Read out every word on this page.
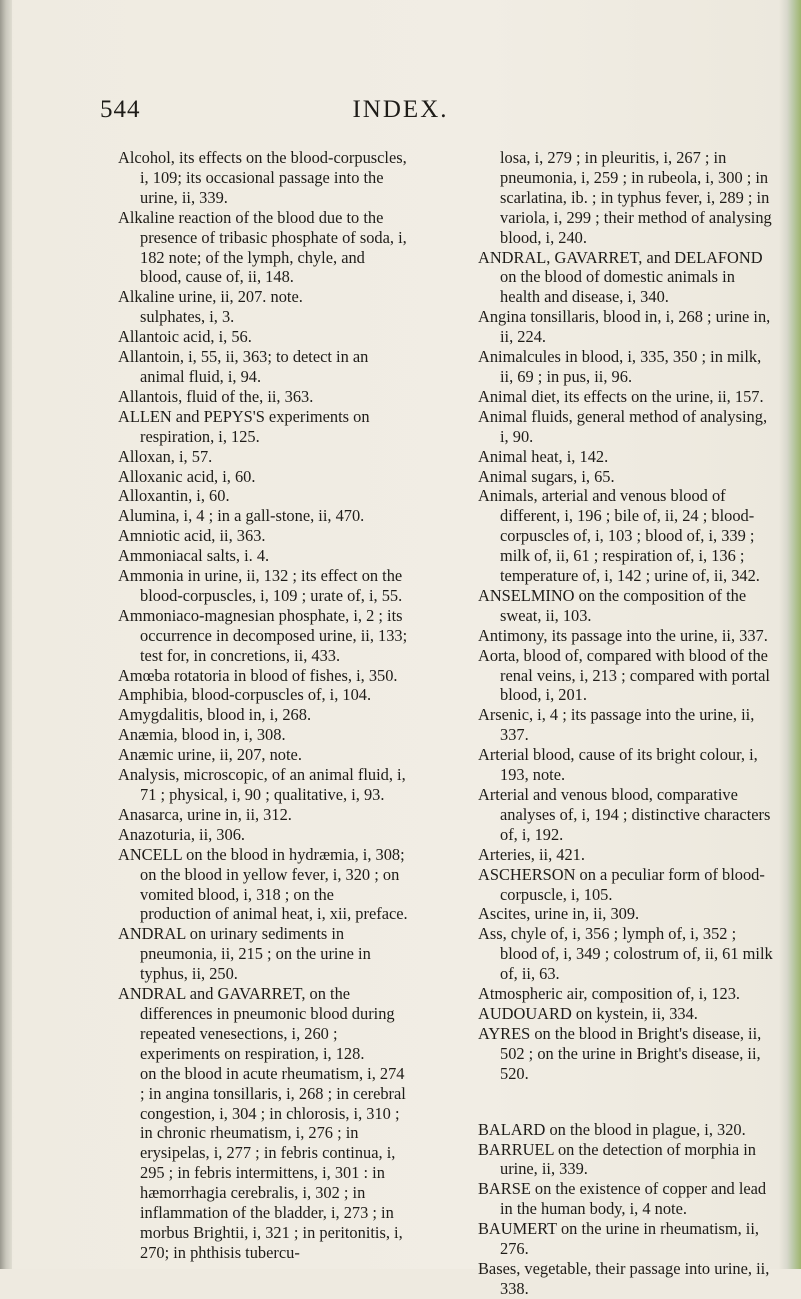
544	INDEX.

Alcohol, its effects on the blood-corpuscles, i, 109; its occasional passage into the urine, ii, 339.

Alkaline reaction of the blood due to the presence of tribasic phosphate of soda, i, 182 note; of the lymph, chyle, and blood, cause of, ii, 148.

Alkaline urine, ii, 207. note.

sulphates, i, 3.

Allantoic acid, i, 56.

Allantoin, i, 55, ii, 363; to detect in an animal fluid, i, 94.

Allantois, fluid of the, ii, 363.

ALLEN and PEPYS'S experiments on respiration, i, 125.

Alloxan, i, 57.

Alloxanic acid, i, 60.

Alloxantin, i, 60.

Alumina, i, 4 ; in a gall-stone, ii, 470.

Amniotic acid, ii, 363.

Ammoniacal salts, i. 4.

Ammonia in urine, ii, 132 ; its effect on the blood-corpuscles, i, 109 ; urate of, i, 55.

Ammoniaco-magnesian phosphate, i, 2 ; its occurrence in decomposed urine, ii, 133; test for, in concretions, ii, 433.

Amœba rotatoria in blood of fishes, i, 350.

Amphibia, blood-corpuscles of, i, 104.

Amygdalitis, blood in, i, 268.

Anæmia, blood in, i, 308.

Anæmic urine, ii, 207, note.

Analysis, microscopic, of an animal fluid, i, 71 ; physical, i, 90 ; qualitative, i, 93.

Anasarca, urine in, ii, 312.

Anazoturia, ii, 306.

ANCELL on the blood in hydræmia, i, 308; on the blood in yellow fever, i, 320 ; on vomited blood, i, 318 ; on the production of animal heat, i, xii, preface.

ANDRAL on urinary sediments in pneumonia, ii, 215 ; on the urine in typhus, ii, 250.

ANDRAL and GAVARRET, on the differences in pneumonic blood during repeated venesections, i, 260 ; experiments on respiration, i, 128.

on the blood in acute rheumatism, i, 274 ; in angina tonsillaris, i, 268 ; in cerebral congestion, i, 304 ; in chlorosis, i, 310 ; in chronic rheumatism, i, 276 ; in erysipelas, i, 277 ; in febris continua, i, 295 ; in febris intermittens, i, 301 : in hæmorrhagia cerebralis, i, 302 ; in inflammation of the bladder, i, 273 ; in morbus Brightii, i, 321 ; in peritonitis, i, 270; in phthisis tubercu-

losa, i, 279 ; in pleuritis, i, 267 ; in pneumonia, i, 259 ; in rubeola, i, 300 ; in scarlatina, ib. ; in typhus fever, i, 289 ; in variola, i, 299 ; their method of analysing blood, i, 240.

ANDRAL, GAVARRET, and DELAFOND on the blood of domestic animals in health and disease, i, 340.

Angina tonsillaris, blood in, i, 268 ; urine in, ii, 224.

Animalcules in blood, i, 335, 350 ; in milk, ii, 69 ; in pus, ii, 96.

Animal diet, its effects on the urine, ii, 157.

Animal fluids, general method of analysing, i, 90.

Animal heat, i, 142.

Animal sugars, i, 65.

Animals, arterial and venous blood of different, i, 196 ; bile of, ii, 24 ; blood-corpuscles of, i, 103 ; blood of, i, 339 ; milk of, ii, 61 ; respiration of, i, 136 ; temperature of, i, 142 ; urine of, ii, 342.

ANSELMINO on the composition of the sweat, ii, 103.

Antimony, its passage into the urine, ii, 337.

Aorta, blood of, compared with blood of the renal veins, i, 213 ; compared with portal blood, i, 201.

Arsenic, i, 4 ; its passage into the urine, ii, 337.

Arterial blood, cause of its bright colour, i, 193, note.

Arterial and venous blood, comparative analyses of, i, 194 ; distinctive characters of, i, 192.

Arteries, ii, 421.

ASCHERSON on a peculiar form of blood-corpuscle, i, 105.

Ascites, urine in, ii, 309.

Ass, chyle of, i, 356 ; lymph of, i, 352 ; blood of, i, 349 ; colostrum of, ii, 61 milk of, ii, 63.

Atmospheric air, composition of, i, 123.

AUDOUARD on kystein, ii, 334.

AYRES on the blood in Bright's disease, ii, 502 ; on the urine in Bright's disease, ii, 520.

BALARD on the blood in plague, i, 320.

BARRUEL on the detection of morphia in urine, ii, 339.

BARSE on the existence of copper and lead in the human body, i, 4 note.

BAUMERT on the urine in rheumatism, ii, 276.

Bases, vegetable, their passage into urine, ii, 338.
